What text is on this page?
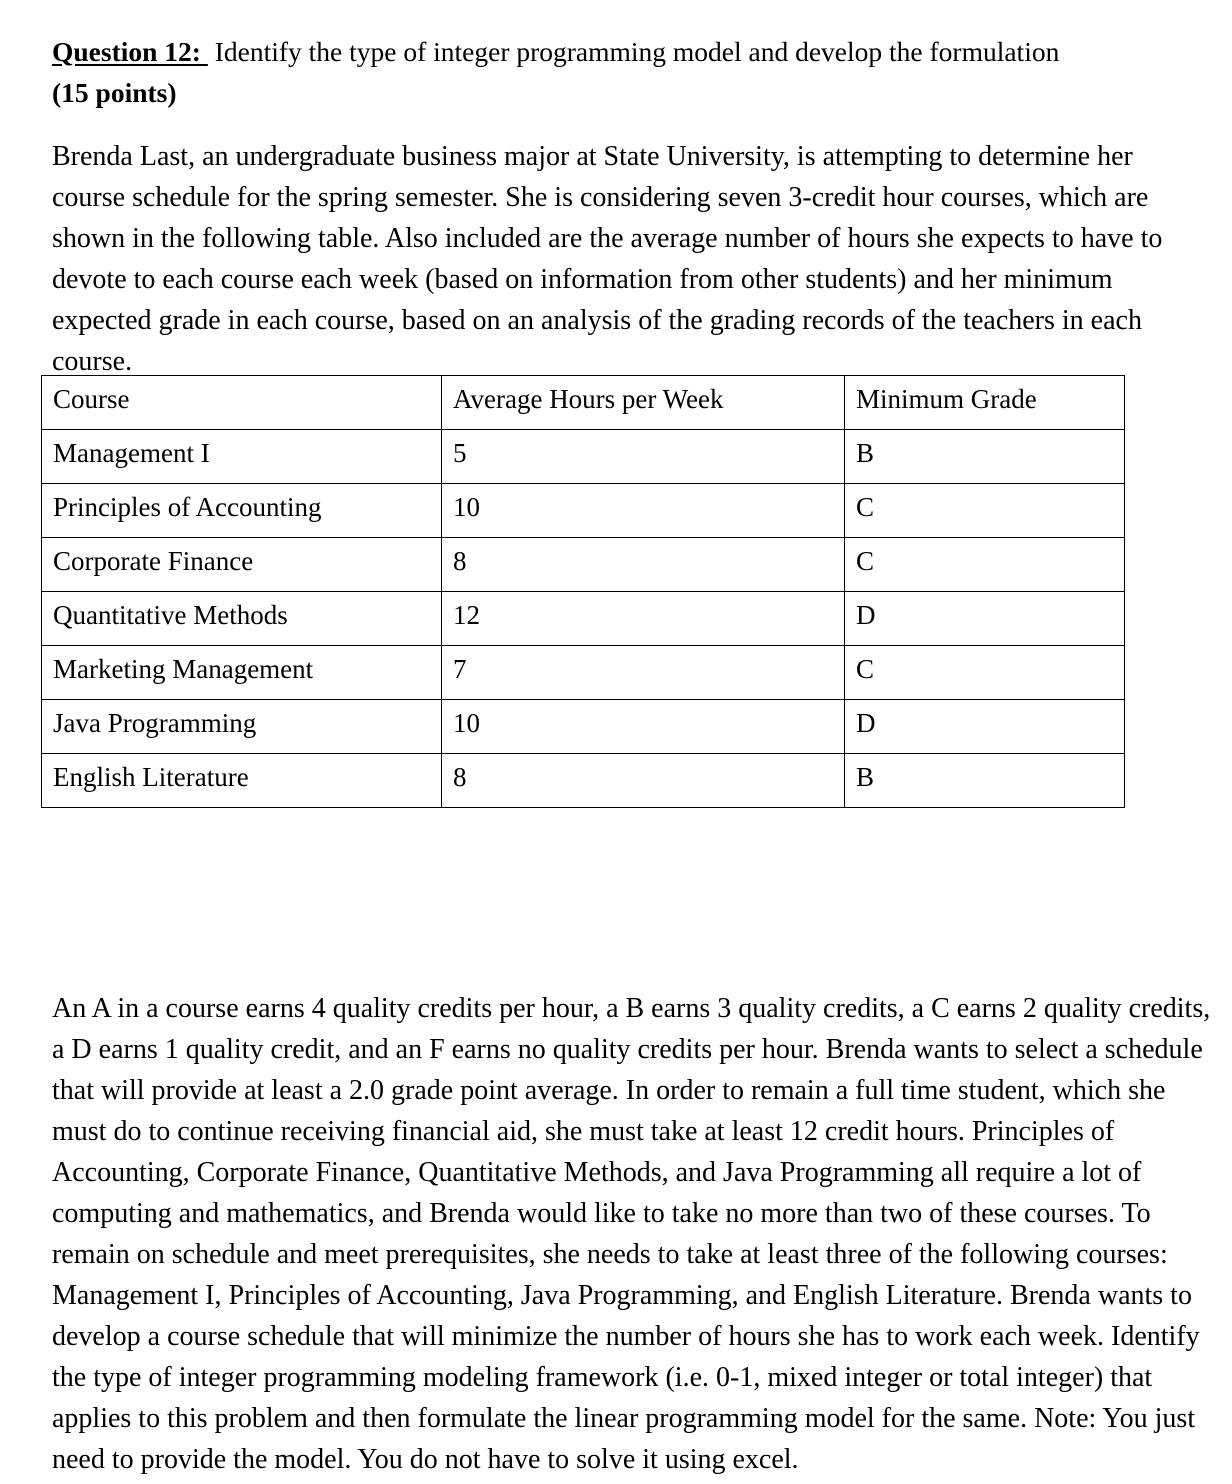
Question 12:  Identify the type of integer programming model and develop the formulation

(15 points)

Brenda Last, an undergraduate business major at State University, is attempting to determine her course schedule for the spring semester. She is considering seven 3-credit hour courses, which are shown in the following table. Also included are the average number of hours she expects to have to devote to each course each week (based on information from other students) and her minimum expected grade in each course, based on an analysis of the grading records of the teachers in each course.

Course	Average Hours per Week	Minimum Grade
Management I	5	B
Principles of Accounting	10	C
Corporate Finance	8	C
Quantitative Methods	12	D
Marketing Management	7	C
Java Programming	10	D
English Literature	8	B

An A in a course earns 4 quality credits per hour, a B earns 3 quality credits, a C earns 2 quality credits, a D earns 1 quality credit, and an F earns no quality credits per hour. Brenda wants to select a schedule that will provide at least a 2.0 grade point average. In order to remain a full time student, which she must do to continue receiving financial aid, she must take at least 12 credit hours. Principles of Accounting, Corporate Finance, Quantitative Methods, and Java Programming all require a lot of computing and mathematics, and Brenda would like to take no more than two of these courses. To remain on schedule and meet prerequisites, she needs to take at least three of the following courses: Management I, Principles of Accounting, Java Programming, and English Literature. Brenda wants to develop a course schedule that will minimize the number of hours she has to work each week. Identify the type of integer programming modeling framework (i.e. 0-1, mixed integer or total integer) that applies to this problem and then formulate the linear programming model for the same. Note: You just need to provide the model. You do not have to solve it using excel.
